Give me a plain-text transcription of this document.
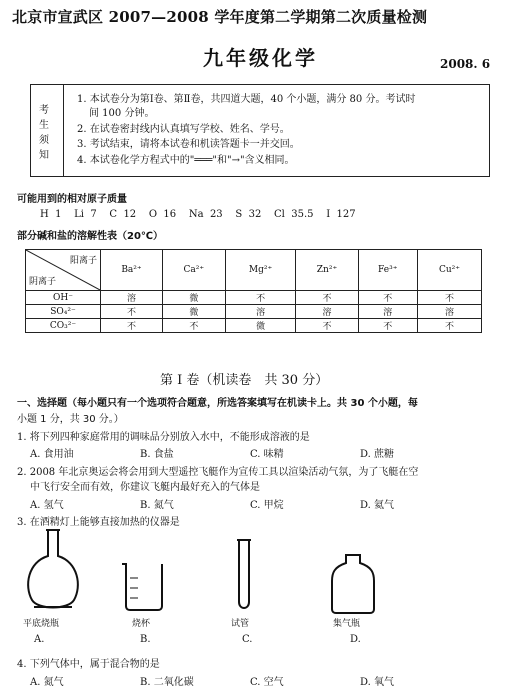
北京市宣武区 2007—2008 学年度第二学期第二次质量检测
九年级化学	2008. 6
考
生
须
知
1. 本试卷分为第Ⅰ卷、第Ⅱ卷，共四道大题，40 个小题，满分 80 分。考试时
间 100 分钟。
2. 在试卷密封线内认真填写学校、姓名、学号。
3. 考试结束，请将本试卷和机读答题卡一并交回。
4. 本试卷化学方程式中的"═══"和"→"含义相同。
可能用到的相对原子质量
H  1    Li  7    C  12    O  16    Na  23    S  32    Cl  35.5    I  127
部分碱和盐的溶解性表（20℃）
阳离子
阴离子	Ba²⁺	Ca²⁺	Mg²⁺	Zn²⁺	Fe³⁺	Cu²⁺
OH⁻	溶	微	不	不	不	不
SO₄²⁻	不	微	溶	溶	溶	溶
CO₃²⁻	不	不	微	不	不	不
第 Ⅰ 卷（机读卷　共 30 分）
一、选择题（每小题只有一个选项符合题意，所选答案填写在机读卡上。共 30 个小题，每
小题 1 分，共 30 分。）
1. 将下列四种家庭常用的调味品分别放入水中，不能形成溶液的是
A. 食用油	B. 食盐	C. 味精	D. 蔗糖
2. 2008 年北京奥运会将会用到大型遥控飞艇作为宣传工具以渲染活动气氛，为了飞艇在空
中飞行安全而有效，你建议飞艇内最好充入的气体是
A. 氢气	B. 氮气	C. 甲烷	D. 氦气
3. 在酒精灯上能够直接加热的仪器是
平底烧瓶	烧杯	试管	集气瓶
A.	B.	C.	D.
4. 下列气体中，属于混合物的是
A. 氮气	B. 二氧化碳	C. 空气	D. 氧气
